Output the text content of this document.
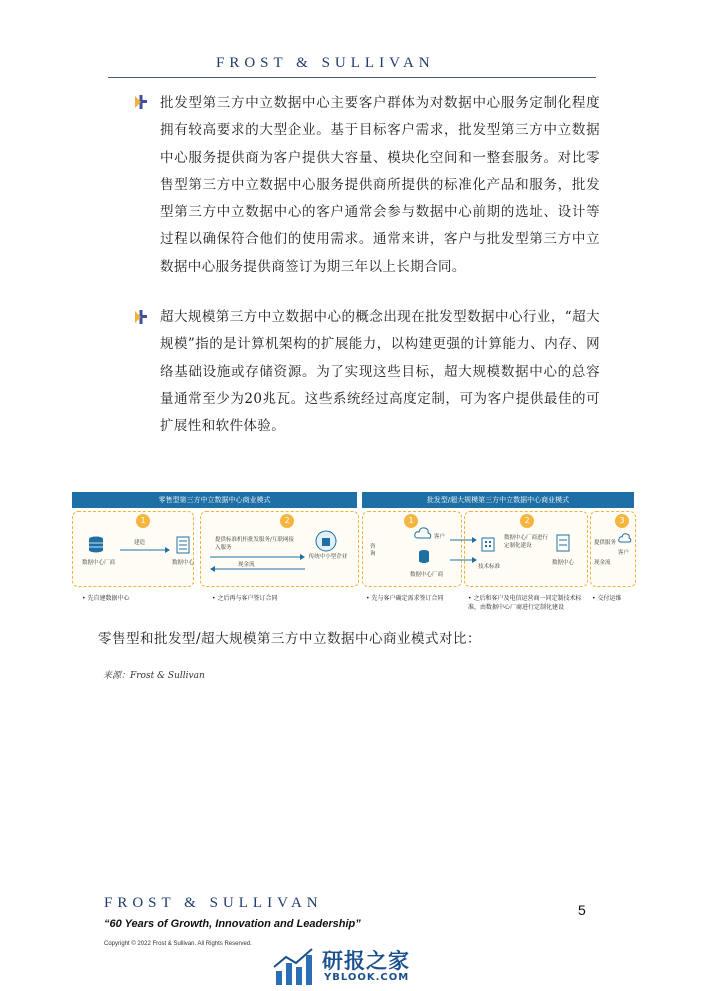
FROST & SULLIVAN
批发型第三方中立数据中心主要客户群体为对数据中心服务定制化程度拥有较高要求的大型企业。基于目标客户需求，批发型第三方中立数据中心服务提供商为客户提供大容量、模块化空间和一整套服务。对比零售型第三方中立数据中心服务提供商所提供的标准化产品和服务，批发型第三方中立数据中心的客户通常会参与数据中心前期的选址、设计等过程以确保符合他们的使用需求。通常来讲，客户与批发型第三方中立数据中心服务提供商签订为期三年以上长期合同。
超大规模第三方中立数据中心的概念出现在批发型数据中心行业，“超大规模”指的是计算机架构的扩展能力，以构建更强的计算能力、内存、网络基础设施或存储资源。为了实现这些目标，超大规模数据中心的总容量通常至少为20兆瓦。这些系统经过高度定制，可为客户提供最佳的可扩展性和软件体验。
零售型第三方中立数据中心商业模式	批发型/超大规模第三方中立数据中心商业模式
1	2
数据中心厂商
建造
数据中心
提供标准机柜批发服务/互联网接入服务
现金流
传统中小型企业
• 先自建数据中心	• 之后再与客户签订合同
1	2	3
咨询
客户
数据中心厂商
数据中心厂商进行定制化建设
技术标准
数据中心
提供服务
现金流
客户
• 先与客户确定需求签订合同	• 之后和客户及电信运营商一同定制技术标准，由数据中心厂商进行定制化建设
• 交付运维
零售型和批发型/超大规模第三方中立数据中心商业模式对比：
来源：Frost & Sullivan
FROST & SULLIVAN
“60 Years of Growth, Innovation and Leadership”
Copyright © 2022 Frost & Sullivan. All Rights Reserved.
5
研报之家
YBLOOK.COM
